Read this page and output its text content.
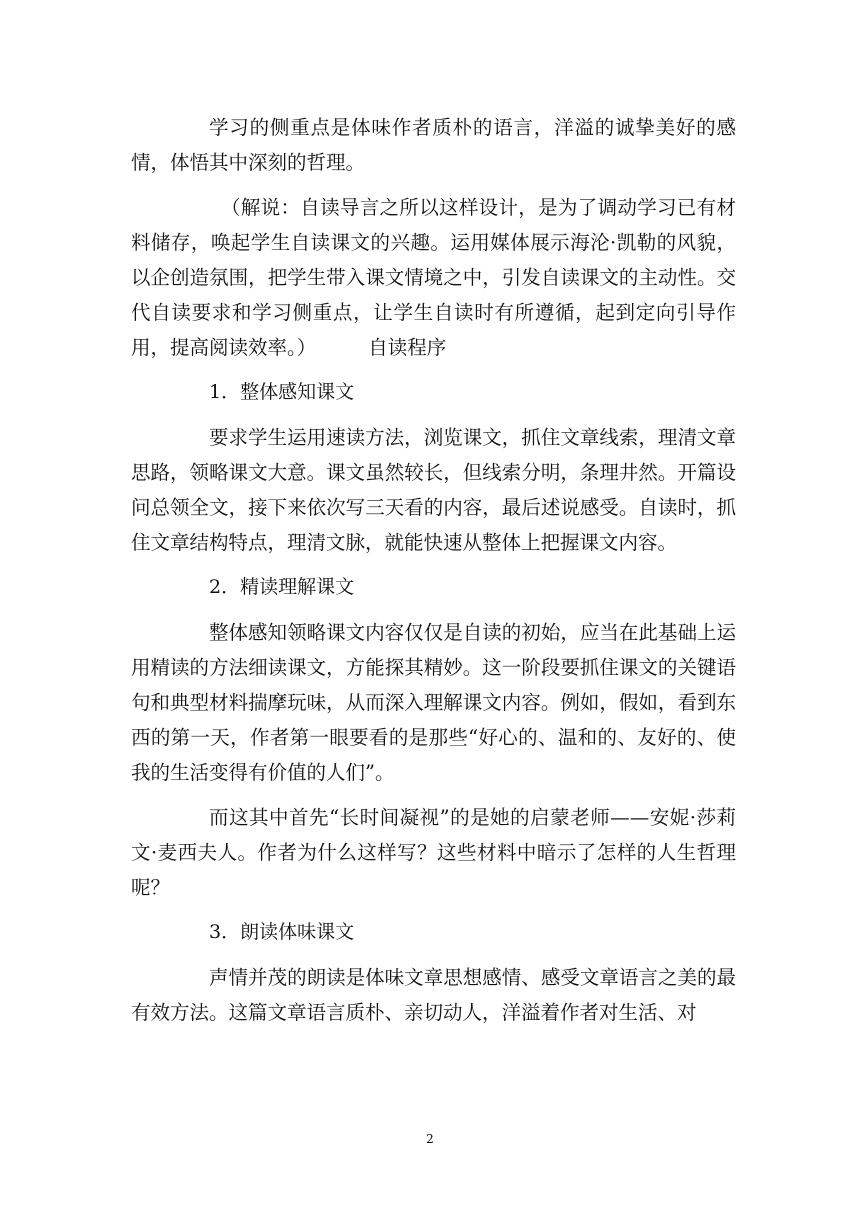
学习的侧重点是体味作者质朴的语言，洋溢的诚挚美好的感情，体悟其中深刻的哲理。

（解说：自读导言之所以这样设计，是为了调动学习已有材料储存，唤起学生自读课文的兴趣。运用媒体展示海沦·凯勒的风貌，以企创造氛围，把学生带入课文情境之中，引发自读课文的主动性。交代自读要求和学习侧重点，让学生自读时有所遵循，起到定向引导作用，提高阅读效率。）	自读程序

1．整体感知课文

要求学生运用速读方法，浏览课文，抓住文章线索，理清文章思路，领略课文大意。课文虽然较长，但线索分明，条理井然。开篇设问总领全文，接下来依次写三天看的内容，最后述说感受。自读时，抓住文章结构特点，理清文脉，就能快速从整体上把握课文内容。

2．精读理解课文

整体感知领略课文内容仅仅是自读的初始，应当在此基础上运用精读的方法细读课文，方能探其精妙。这一阶段要抓住课文的关键语句和典型材料揣摩玩味，从而深入理解课文内容。例如，假如，看到东西的第一天，作者第一眼要看的是那些“好心的、温和的、友好的、使我的生活变得有价值的人们”。

而这其中首先“长时间凝视”的是她的启蒙老师——安妮·莎莉文·麦西夫人。作者为什么这样写？这些材料中暗示了怎样的人生哲理呢？

3．朗读体味课文

声情并茂的朗读是体味文章思想感情、感受文章语言之美的最有效方法。这篇文章语言质朴、亲切动人，洋溢着作者对生活、对

2
